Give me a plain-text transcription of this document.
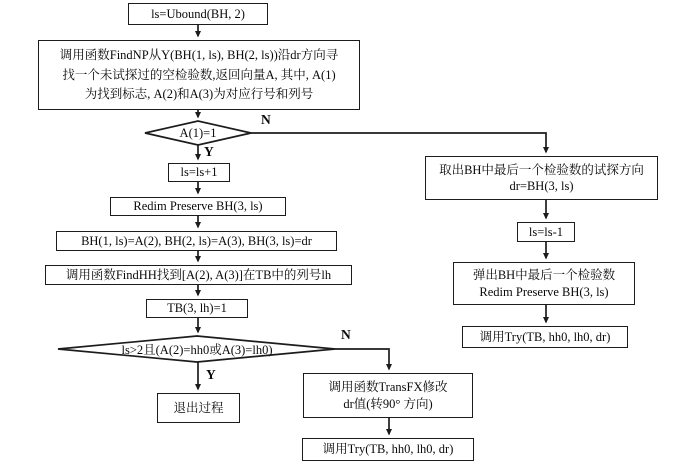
ls=Ubound(BH, 2)
调用函数FindNP从Y(BH(1, ls), BH(2, ls))沿dr方向寻
找一个未试探过的空检验数,返回向量A, 其中, A(1)
为找到标志, A(2)和A(3)为对应行号和列号
A(1)=1
N
Y
ls=ls+1
Redim Preserve BH(3, ls)
BH(1, ls)=A(2), BH(2, ls)=A(3), BH(3, ls)=dr
调用函数FindHH找到[A(2), A(3)]在TB中的列号lh
TB(3, lh)=1
ls>2且(A(2)=hh0或A(3)=lh0)
N
Y
退出过程
调用函数TransFX修改
dr值(转90° 方向)
调用Try(TB, hh0, lh0, dr)
取出BH中最后一个检验数的试探方向
dr=BH(3, ls)
ls=ls-1
弹出BH中最后一个检验数
Redim Preserve BH(3, ls)
调用Try(TB, hh0, lh0, dr)
